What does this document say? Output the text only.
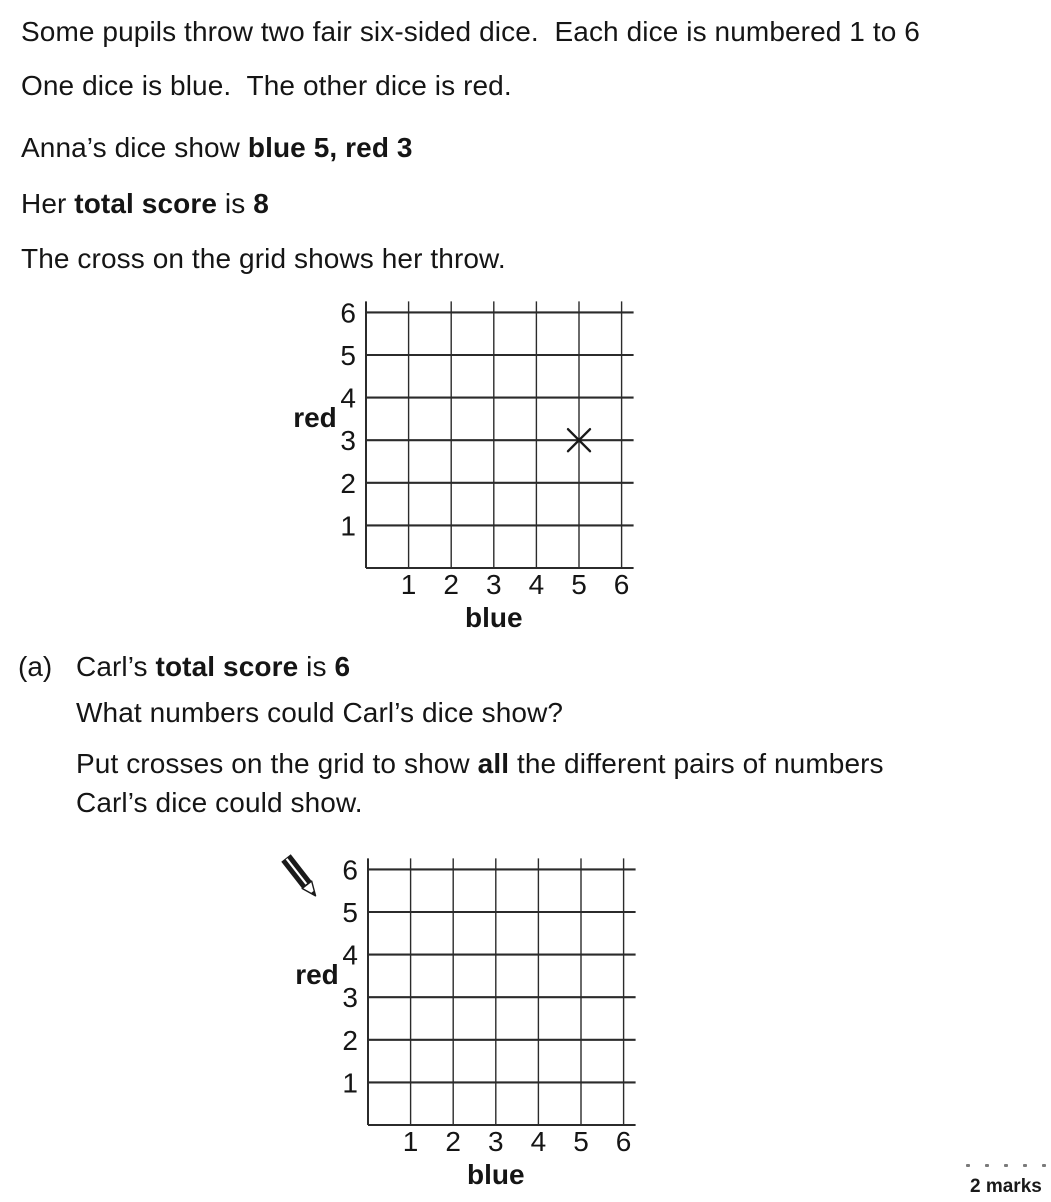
Some pupils throw two fair six-sided dice.  Each dice is numbered 1 to 6
One dice is blue.  The other dice is red.
Anna’s dice show blue 5, red 3
Her total score is 8
The cross on the grid shows her throw.
1
2
3
4
5
6
1 2 3 4 5 6
red
blue
(a) Carl’s total score is 6
What numbers could Carl’s dice show?
Put crosses on the grid to show all the different pairs of numbers
Carl’s dice could show.
1
2
3
4
5
6
1 2 3 4 5 6
red
blue	2 marks
